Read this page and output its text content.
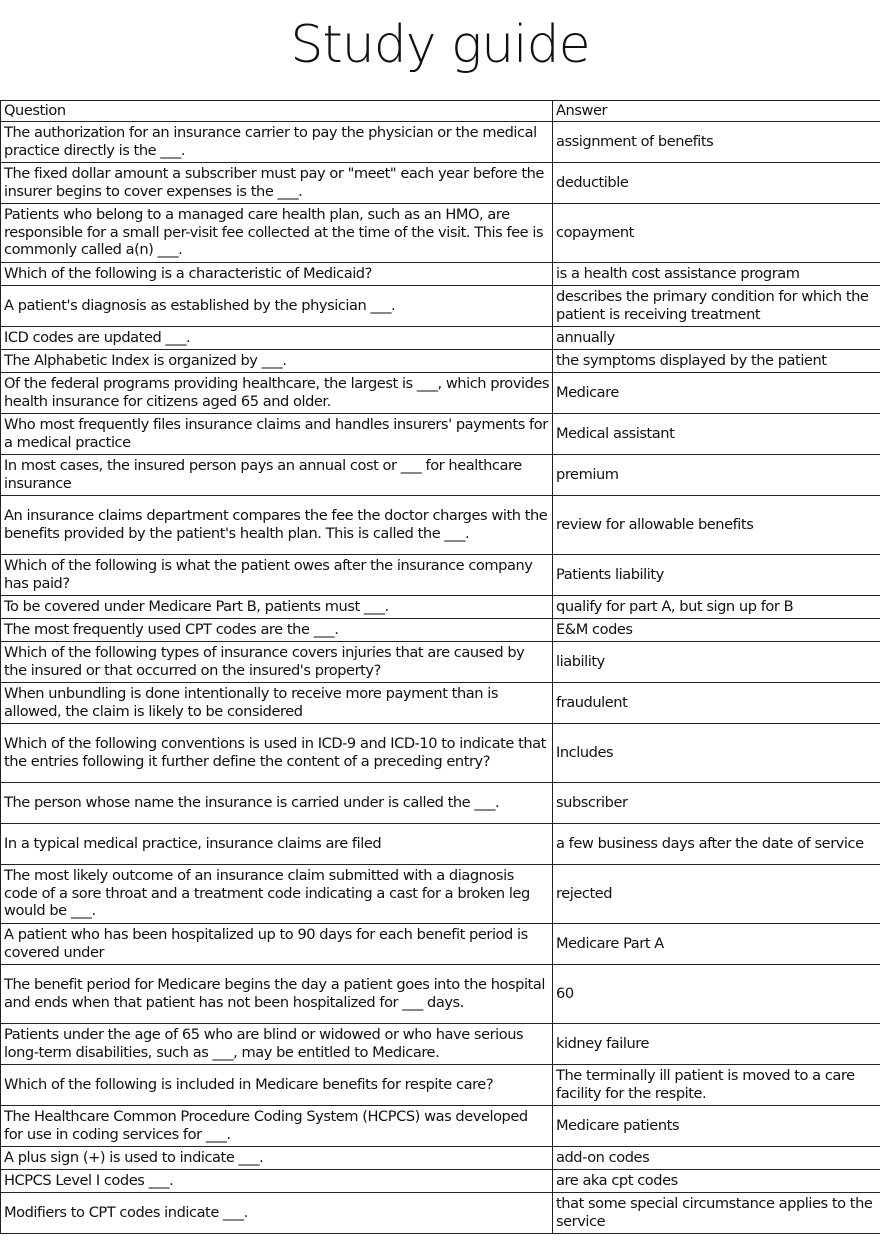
Study guide
Question	Answer
The authorization for an insurance carrier to pay the physician or the medical practice directly is the ___.	assignment of benefits
The fixed dollar amount a subscriber must pay or "meet" each year before the insurer begins to cover expenses is the ___.	deductible
Patients who belong to a managed care health plan, such as an HMO, are responsible for a small per-visit fee collected at the time of the visit. This fee is commonly called a(n) ___.	copayment
Which of the following is a characteristic of Medicaid?	is a health cost assistance program
A patient's diagnosis as established by the physician ___.	describes the primary condition for which the patient is receiving treatment
ICD codes are updated ___.	annually
The Alphabetic Index is organized by ___.	the symptoms displayed by the patient
Of the federal programs providing healthcare, the largest is ___, which provides health insurance for citizens aged 65 and older.	Medicare
Who most frequently files insurance claims and handles insurers' payments for a medical practice	Medical assistant
In most cases, the insured person pays an annual cost or ___ for healthcare insurance	premium
An insurance claims department compares the fee the doctor charges with the benefits provided by the patient's health plan. This is called the ___.	review for allowable benefits
Which of the following is what the patient owes after the insurance company has paid?	Patients liability
To be covered under Medicare Part B, patients must ___.	qualify for part A, but sign up for B
The most frequently used CPT codes are the ___.	E&M codes
Which of the following types of insurance covers injuries that are caused by the insured or that occurred on the insured's property?	liability
When unbundling is done intentionally to receive more payment than is allowed, the claim is likely to be considered	fraudulent
Which of the following conventions is used in ICD-9 and ICD-10 to indicate that the entries following it further define the content of a preceding entry?	Includes
The person whose name the insurance is carried under is called the ___.	subscriber
In a typical medical practice, insurance claims are filed	a few business days after the date of service
The most likely outcome of an insurance claim submitted with a diagnosis code of a sore throat and a treatment code indicating a cast for a broken leg would be ___.	rejected
A patient who has been hospitalized up to 90 days for each benefit period is covered under	Medicare Part A
The benefit period for Medicare begins the day a patient goes into the hospital and ends when that patient has not been hospitalized for ___ days.	60
Patients under the age of 65 who are blind or widowed or who have serious long-term disabilities, such as ___, may be entitled to Medicare.	kidney failure
Which of the following is included in Medicare benefits for respite care?	The terminally ill patient is moved to a care facility for the respite.
The Healthcare Common Procedure Coding System (HCPCS) was developed for use in coding services for ___.	Medicare patients
A plus sign (+) is used to indicate ___.	add-on codes
HCPCS Level I codes ___.	are aka cpt codes
Modifiers to CPT codes indicate ___.	that some special circumstance applies to the service
